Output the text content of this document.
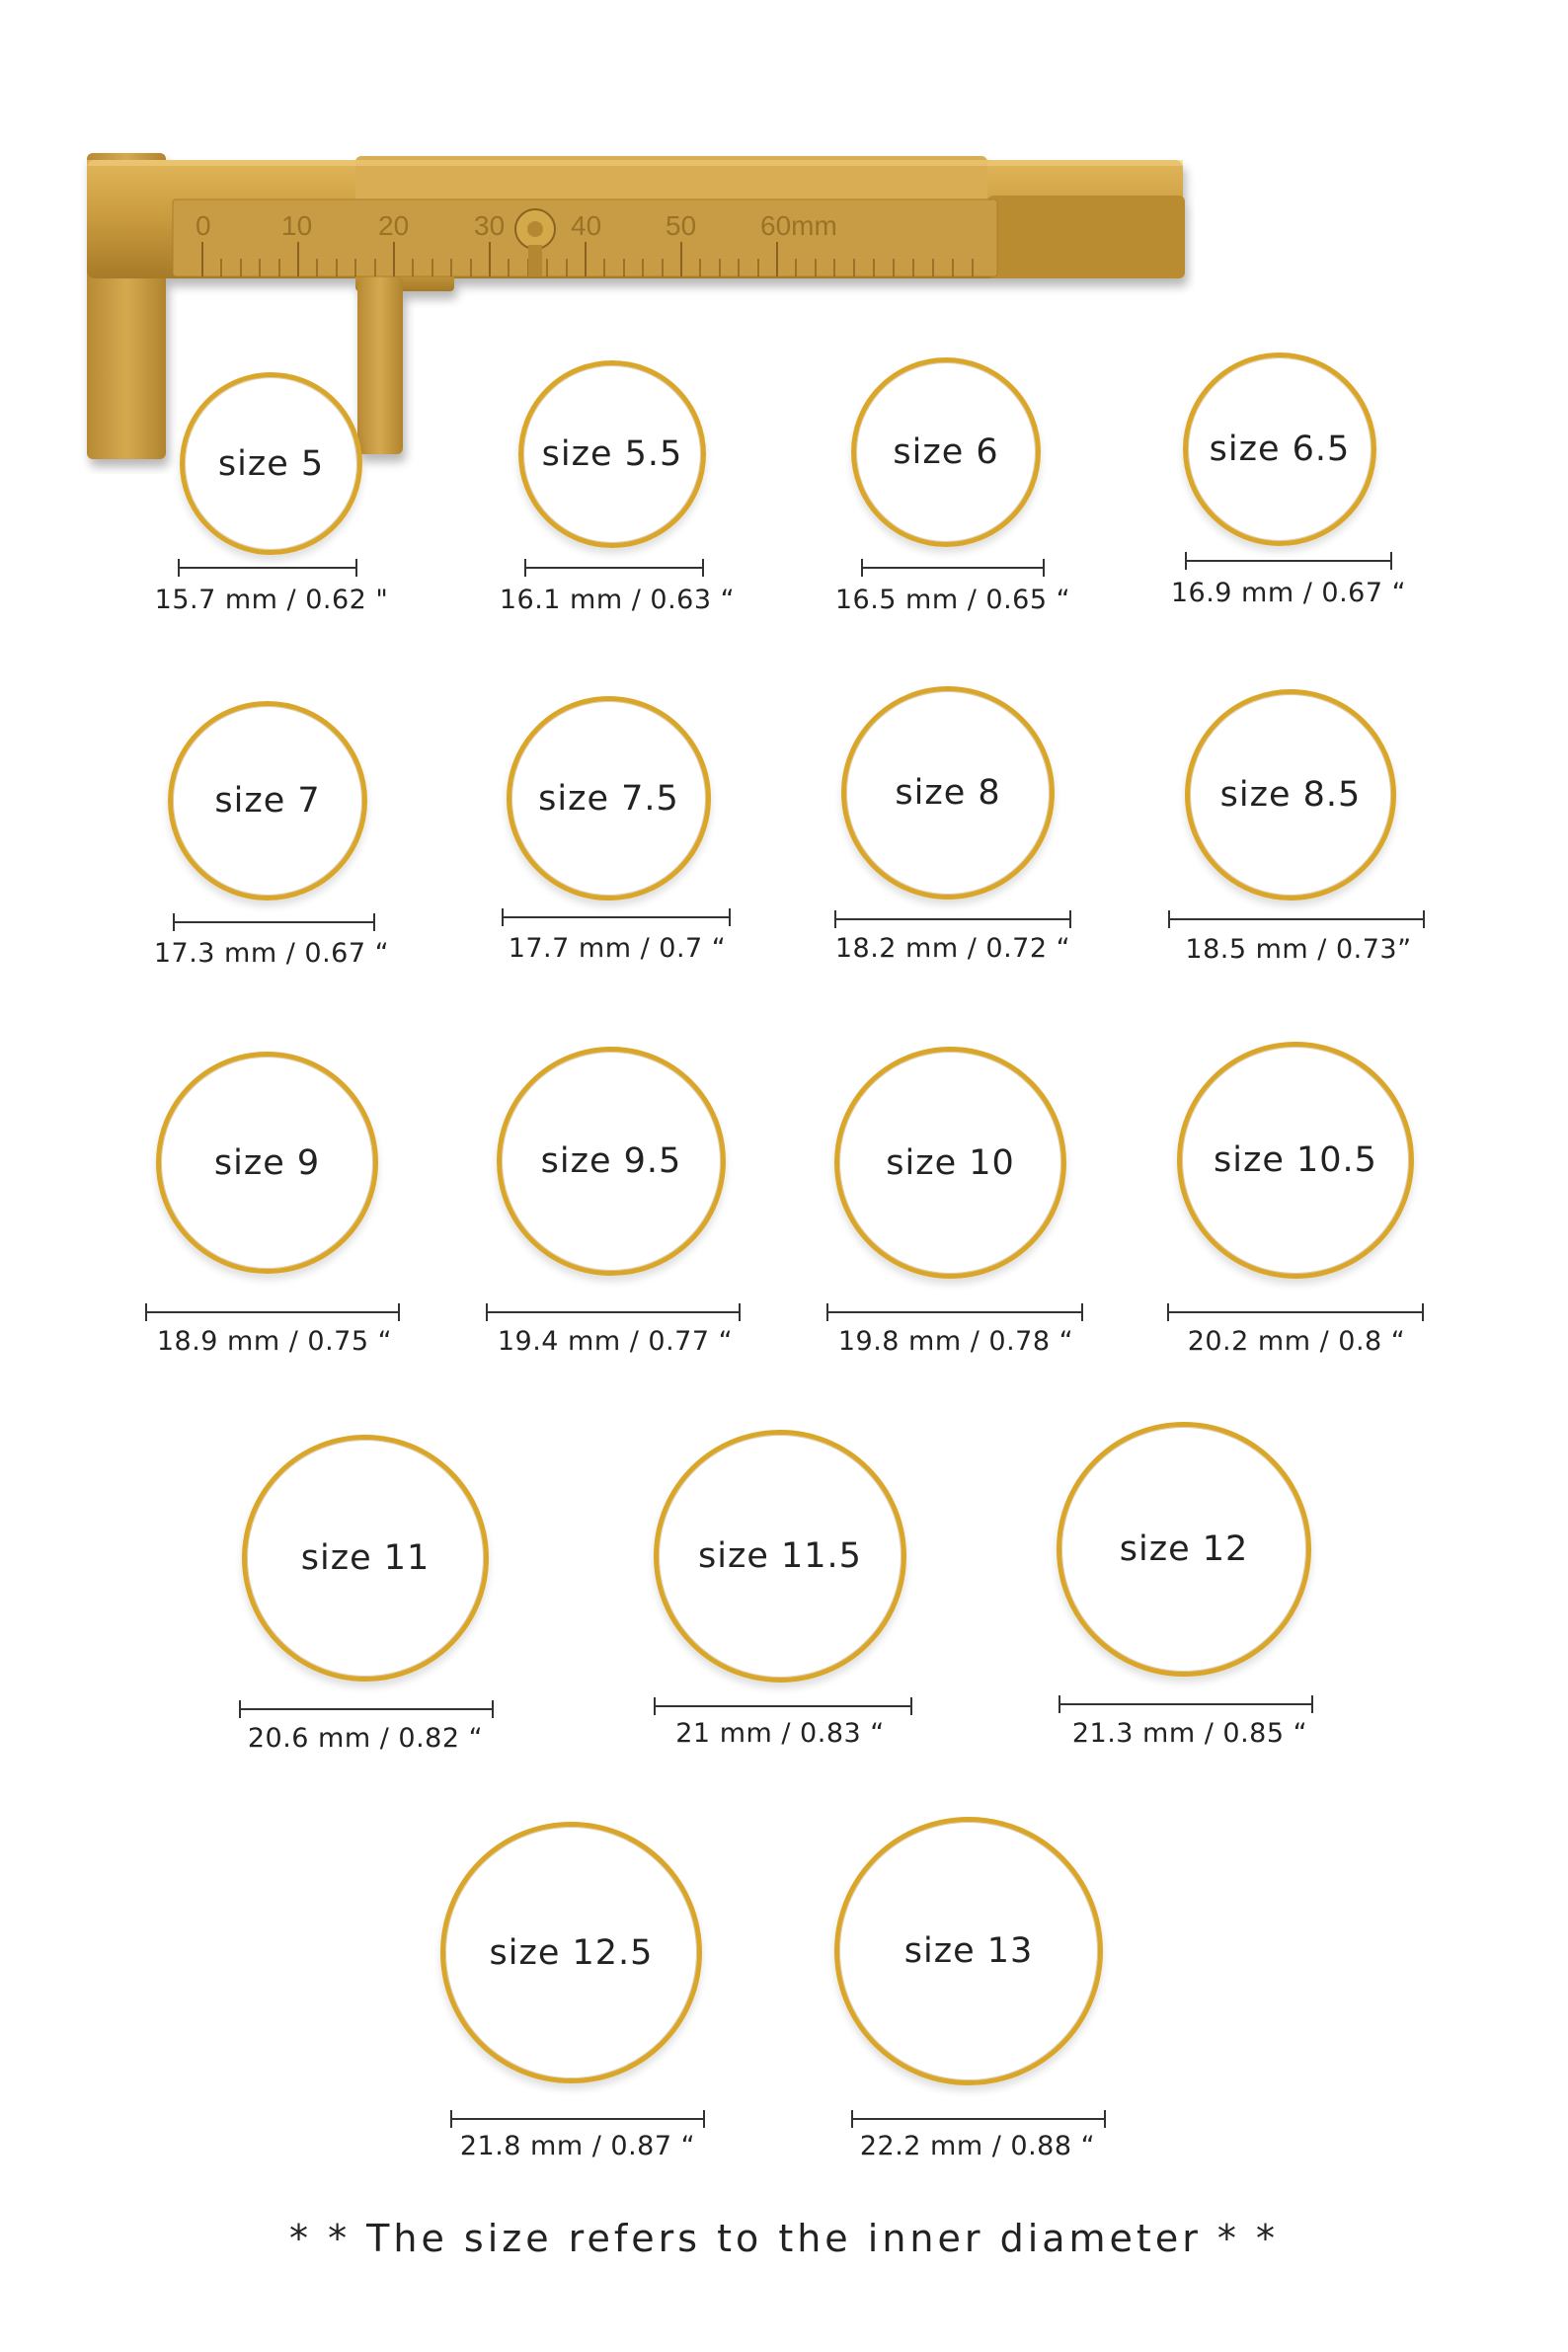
0	10 20 30 40 50 60mm
size 5
15.7 mm / 0.62 "
size 5.5
16.1 mm / 0.63 “
size 6
16.5 mm / 0.65 “
size 6.5
16.9 mm / 0.67 “
size 7
17.3 mm / 0.67 “
size 7.5
17.7 mm / 0.7 “
size 8
18.2 mm / 0.72 “
size 8.5
18.5 mm / 0.73”
size 9
18.9 mm / 0.75 “
size 9.5
19.4 mm / 0.77 “
size 10
19.8 mm / 0.78 “
size 10.5
20.2 mm / 0.8 “
size 11
20.6 mm / 0.82 “
size 11.5
21 mm / 0.83 “
size 12
21.3 mm / 0.85 “
size 12.5
21.8 mm / 0.87 “
size 13
22.2 mm / 0.88 “
* * The size refers to the inner diameter * *
